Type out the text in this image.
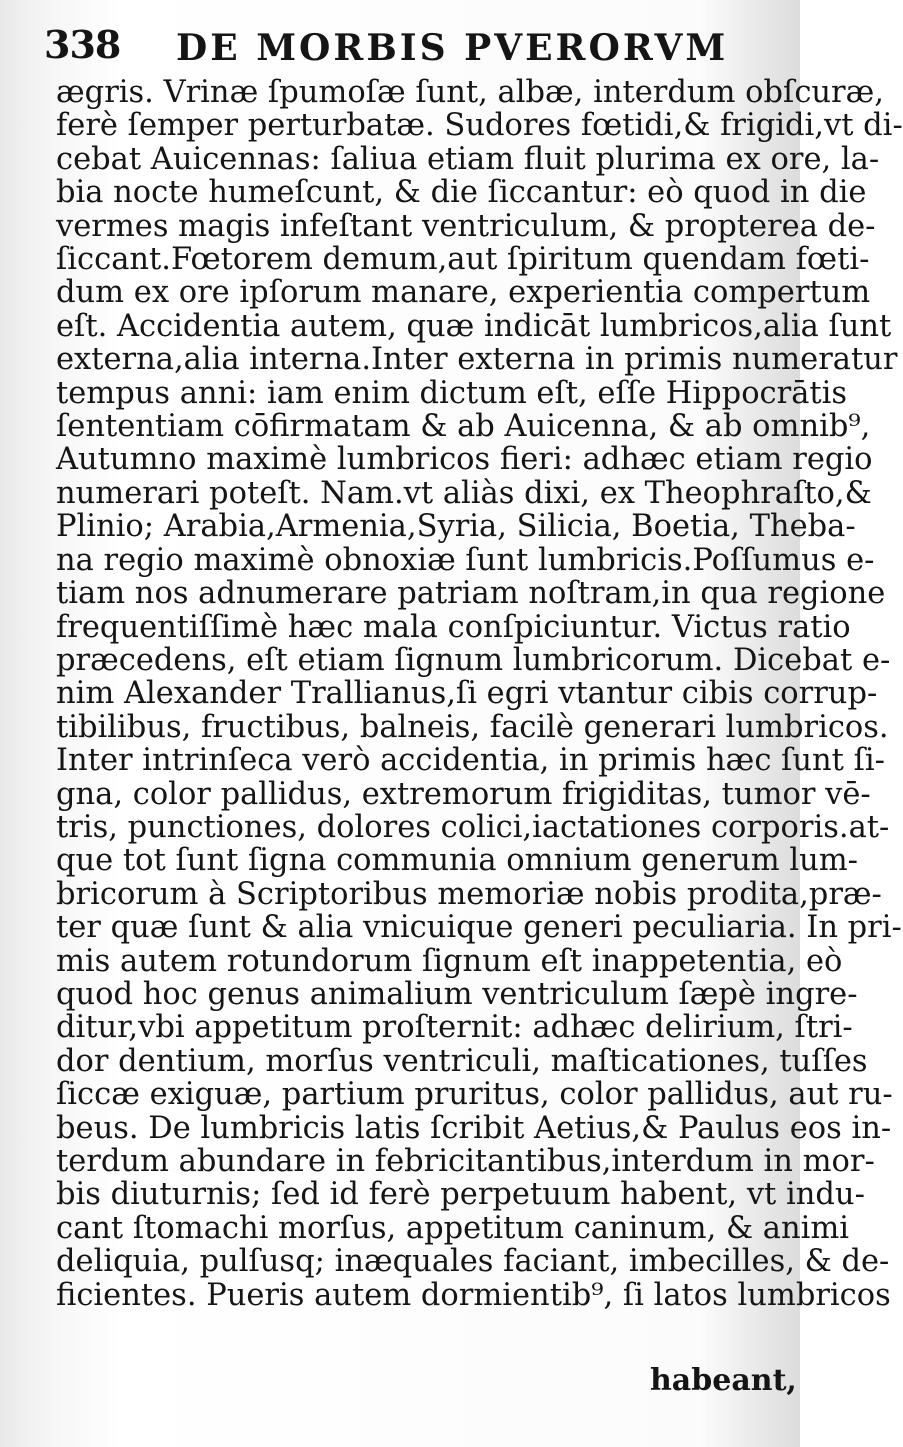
338 DE MORBIS PVERORVM
ægris. Vrinæ ſpumoſæ ſunt, albæ, interdum obſcuræ,
ferè ſemper perturbatæ. Sudores fœtidi,& frigidi,vt di-
cebat Auicennas: ſaliua etiam fluit plurima ex ore, la-
bia nocte humeſcunt, & die ſiccantur: eò quod in die
vermes magis infeſtant ventriculum, & propterea de-
ſiccant.Fœtorem demum,aut ſpiritum quendam fœti-
dum ex ore ipſorum manare, experientia compertum
eſt. Accidentia autem, quæ indicāt lumbricos,alia ſunt
externa,alia interna.Inter externa in primis numeratur
tempus anni: iam enim dictum eſt, eſſe Hippocrātis
ſententiam cōfirmatam & ab Auicenna, & ab omnib⁹,
Autumno maximè lumbricos fieri: adhæc etiam regio
numerari poteſt. Nam.vt aliàs dixi, ex Theophraſto,&
Plinio; Arabia,Armenia,Syria, Silicia, Boetia, Theba-
na regio maximè obnoxiæ ſunt lumbricis.Poſſumus e-
tiam nos adnumerare patriam noſtram,in qua regione
frequentiſſimè hæc mala conſpiciuntur. Victus ratio
præcedens, eſt etiam ſignum lumbricorum. Dicebat e-
nim Alexander Trallianus,ſi egri vtantur cibis corrup-
tibilibus, fructibus, balneis, facilè generari lumbricos.
Inter intrinſeca verò accidentia, in primis hæc ſunt ſi-
gna, color pallidus, extremorum frigiditas, tumor vē-
tris, punctiones, dolores colici,iactationes corporis.at-
que tot ſunt ſigna communia omnium generum lum-
bricorum à Scriptoribus memoriæ nobis prodita,præ-
ter quæ ſunt & alia vnicuique generi peculiaria. In pri-
mis autem rotundorum ſignum eſt inappetentia, eò
quod hoc genus animalium ventriculum ſæpè ingre-
ditur,vbi appetitum proſternit: adhæc delirium, ſtri-
dor dentium, morſus ventriculi, maſticationes, tuſſes
ſiccæ exiguæ, partium pruritus, color pallidus, aut ru-
beus. De lumbricis latis ſcribit Aetius,& Paulus eos in-
terdum abundare in febricitantibus,interdum in mor-
bis diuturnis; ſed id ferè perpetuum habent, vt indu-
cant ſtomachi morſus, appetitum caninum, & animi
deliquia, pulſusq; inæquales faciant, imbecilles, & de-
ficientes. Pueris autem dormientib⁹, ſi latos lumbricos
habeant,
